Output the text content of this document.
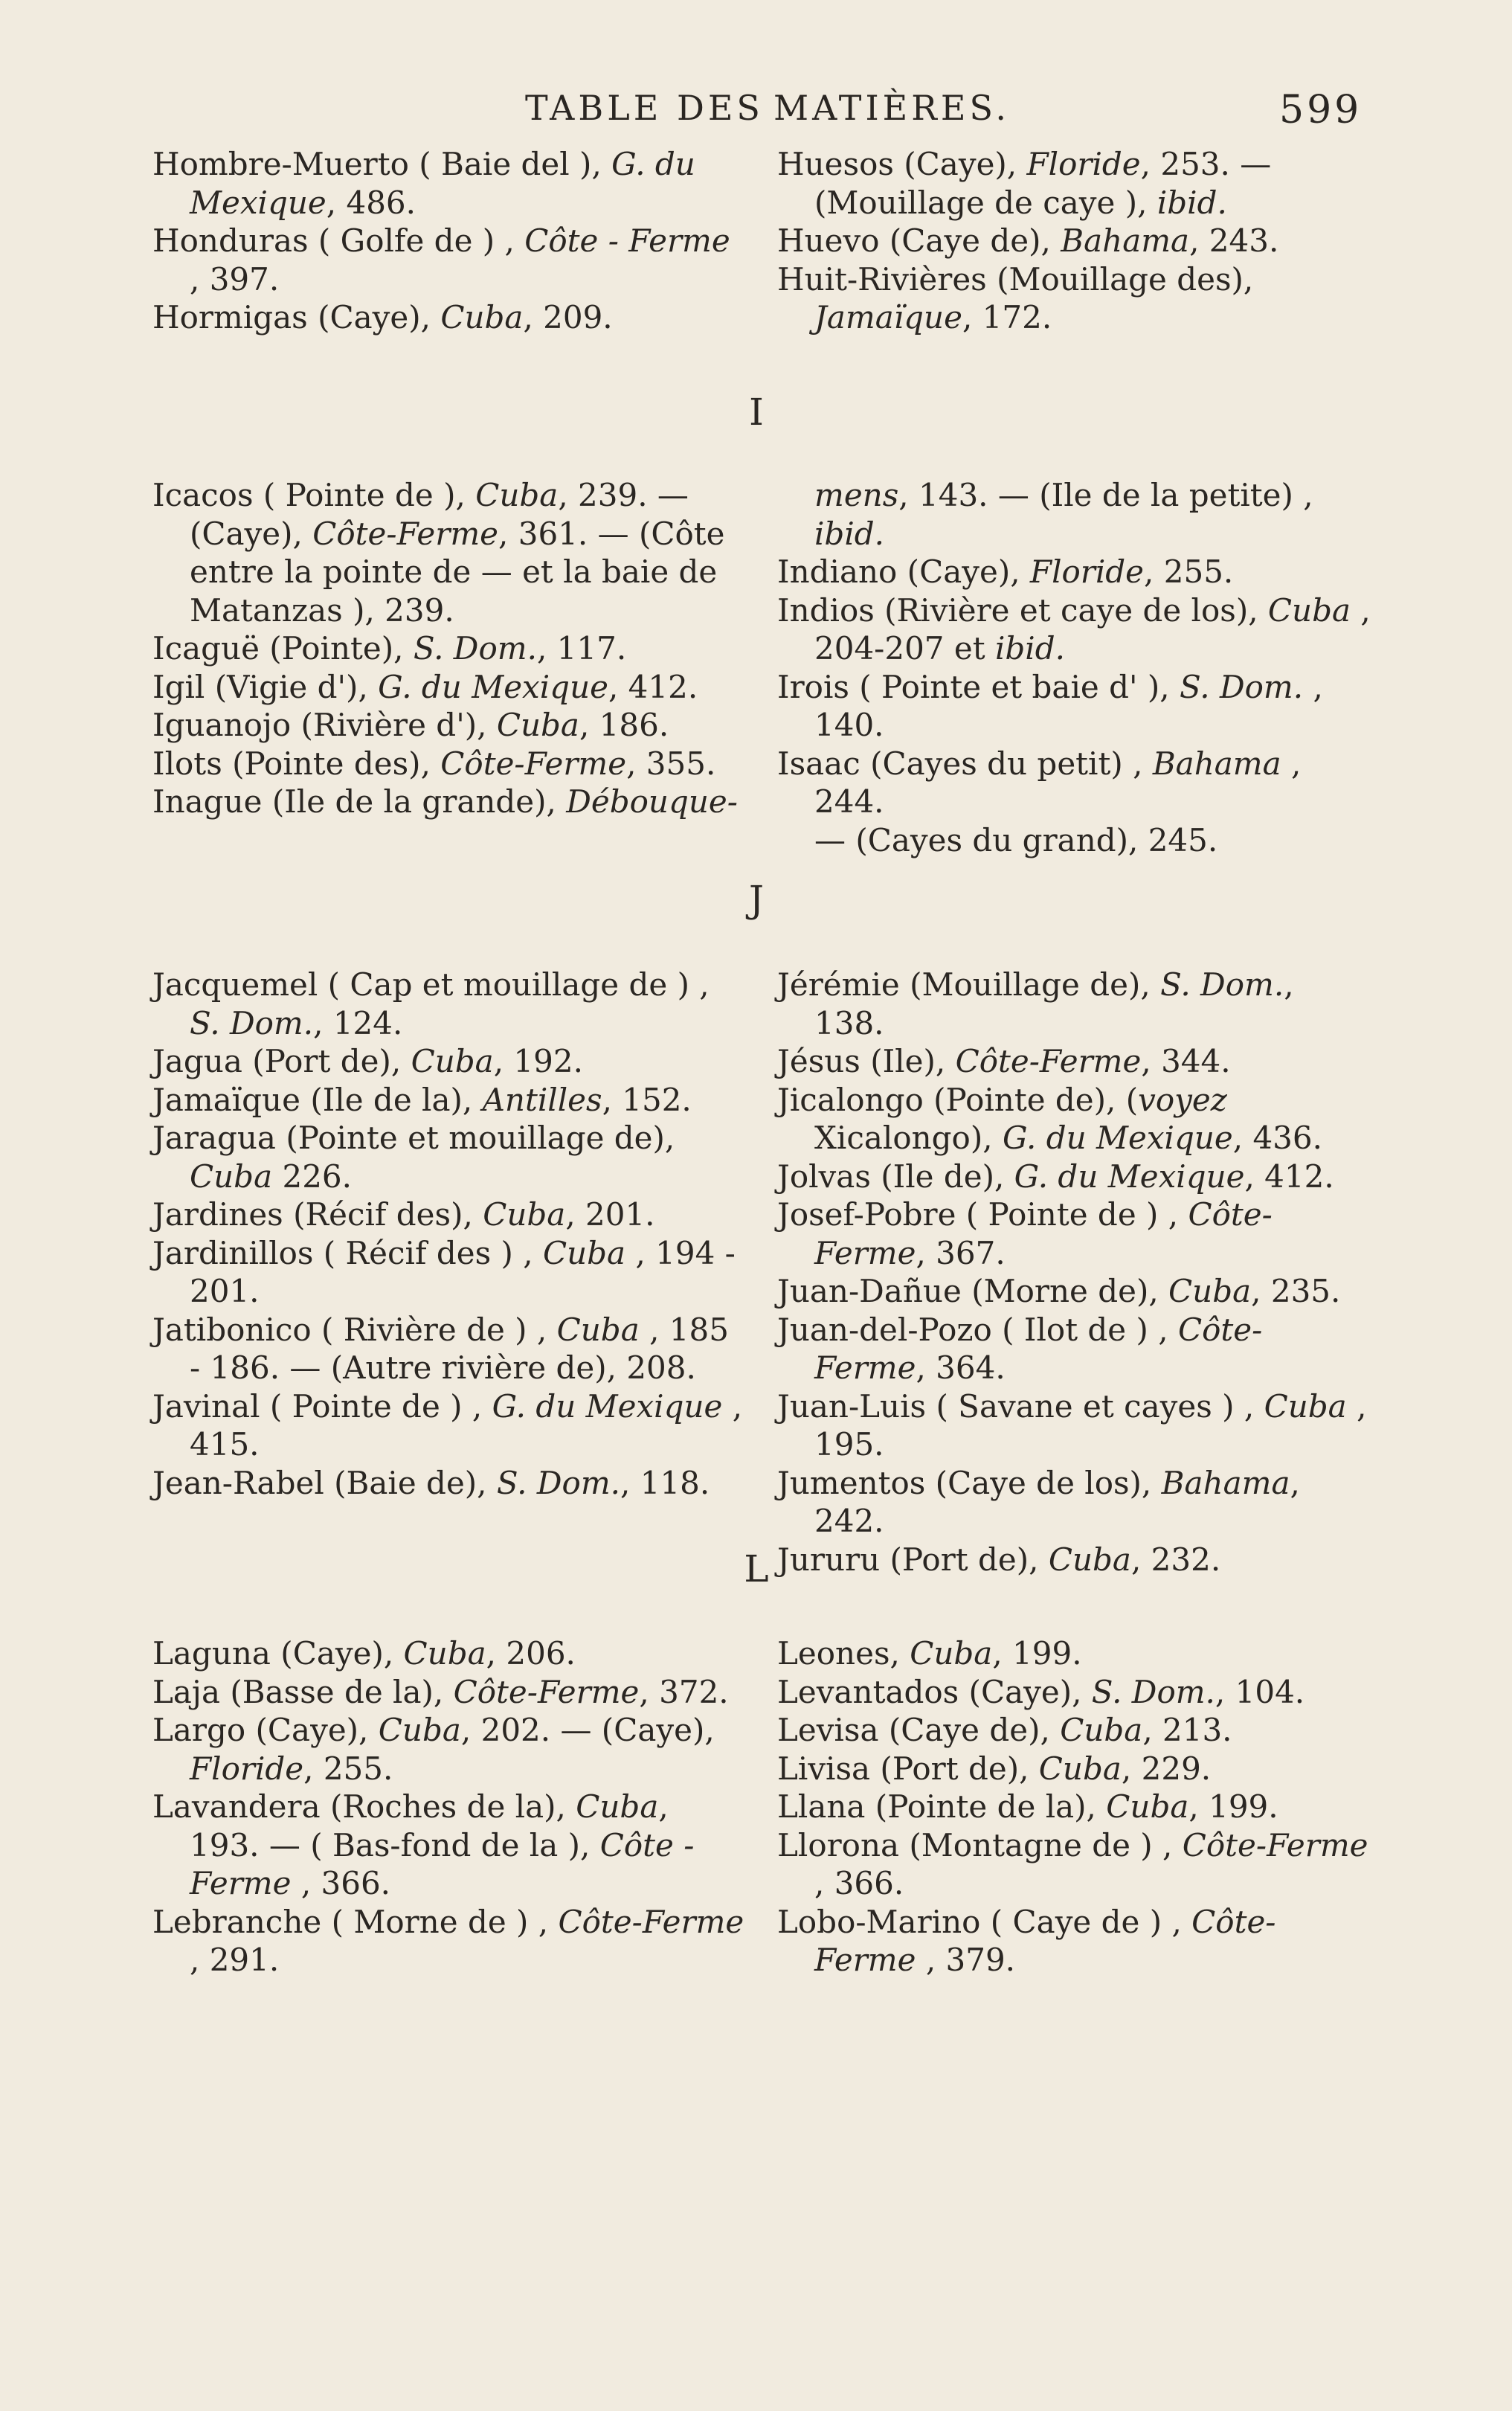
TABLE DES MATIÈRES.	599
Hombre-Muerto ( Baie del ), G. du Mexique, 486.
Honduras ( Golfe de ) , Côte - Ferme , 397.
Hormigas (Caye), Cuba, 209.
Huesos (Caye), Floride, 253. — (Mouillage de caye ), ibid.
Huevo (Caye de), Bahama, 243.
Huit-Rivières (Mouillage des), Jamaïque, 172.
I
Icacos ( Pointe de ), Cuba, 239. — (Caye), Côte-Ferme, 361. — (Côte entre la pointe de — et la baie de Matanzas ), 239.
Icaguë (Pointe), S. Dom., 117.
Igil (Vigie d'), G. du Mexique, 412.
Iguanojo (Rivière d'), Cuba, 186.
Ilots (Pointe des), Côte-Ferme, 355.
Inague (Ile de la grande), Débouque-
mens, 143. — (Ile de la petite) , ibid.
Indiano (Caye), Floride, 255.
Indios (Rivière et caye de los), Cuba , 204-207 et ibid.
Irois ( Pointe et baie d' ), S. Dom. , 140.
Isaac (Cayes du petit) , Bahama , 244.
— (Cayes du grand), 245.
J
Jacquemel ( Cap et mouillage de ) , S. Dom., 124.
Jagua (Port de), Cuba, 192.
Jamaïque (Ile de la), Antilles, 152.
Jaragua (Pointe et mouillage de), Cuba 226.
Jardines (Récif des), Cuba, 201.
Jardinillos ( Récif des ) , Cuba , 194 - 201.
Jatibonico ( Rivière de ) , Cuba , 185 - 186. — (Autre rivière de), 208.
Javinal ( Pointe de ) , G. du Mexique , 415.
Jean-Rabel (Baie de), S. Dom., 118.
Jérémie (Mouillage de), S. Dom., 138.
Jésus (Ile), Côte-Ferme, 344.
Jicalongo (Pointe de), (voyez Xicalongo), G. du Mexique, 436.
Jolvas (Ile de), G. du Mexique, 412.
Josef-Pobre ( Pointe de ) , Côte-Ferme, 367.
Juan-Dañue (Morne de), Cuba, 235.
Juan-del-Pozo ( Ilot de ) , Côte-Ferme, 364.
Juan-Luis ( Savane et cayes ) , Cuba , 195.
Jumentos (Caye de los), Bahama, 242.
Jururu (Port de), Cuba, 232.
L
Laguna (Caye), Cuba, 206.
Laja (Basse de la), Côte-Ferme, 372.
Largo (Caye), Cuba, 202. — (Caye), Floride, 255.
Lavandera (Roches de la), Cuba, 193. — ( Bas-fond de la ), Côte - Ferme , 366.
Lebranche ( Morne de ) , Côte-Ferme , 291.
Leones, Cuba, 199.
Levantados (Caye), S. Dom., 104.
Levisa (Caye de), Cuba, 213.
Livisa (Port de), Cuba, 229.
Llana (Pointe de la), Cuba, 199.
Llorona (Montagne de ) , Côte-Ferme , 366.
Lobo-Marino ( Caye de ) , Côte-Ferme , 379.
